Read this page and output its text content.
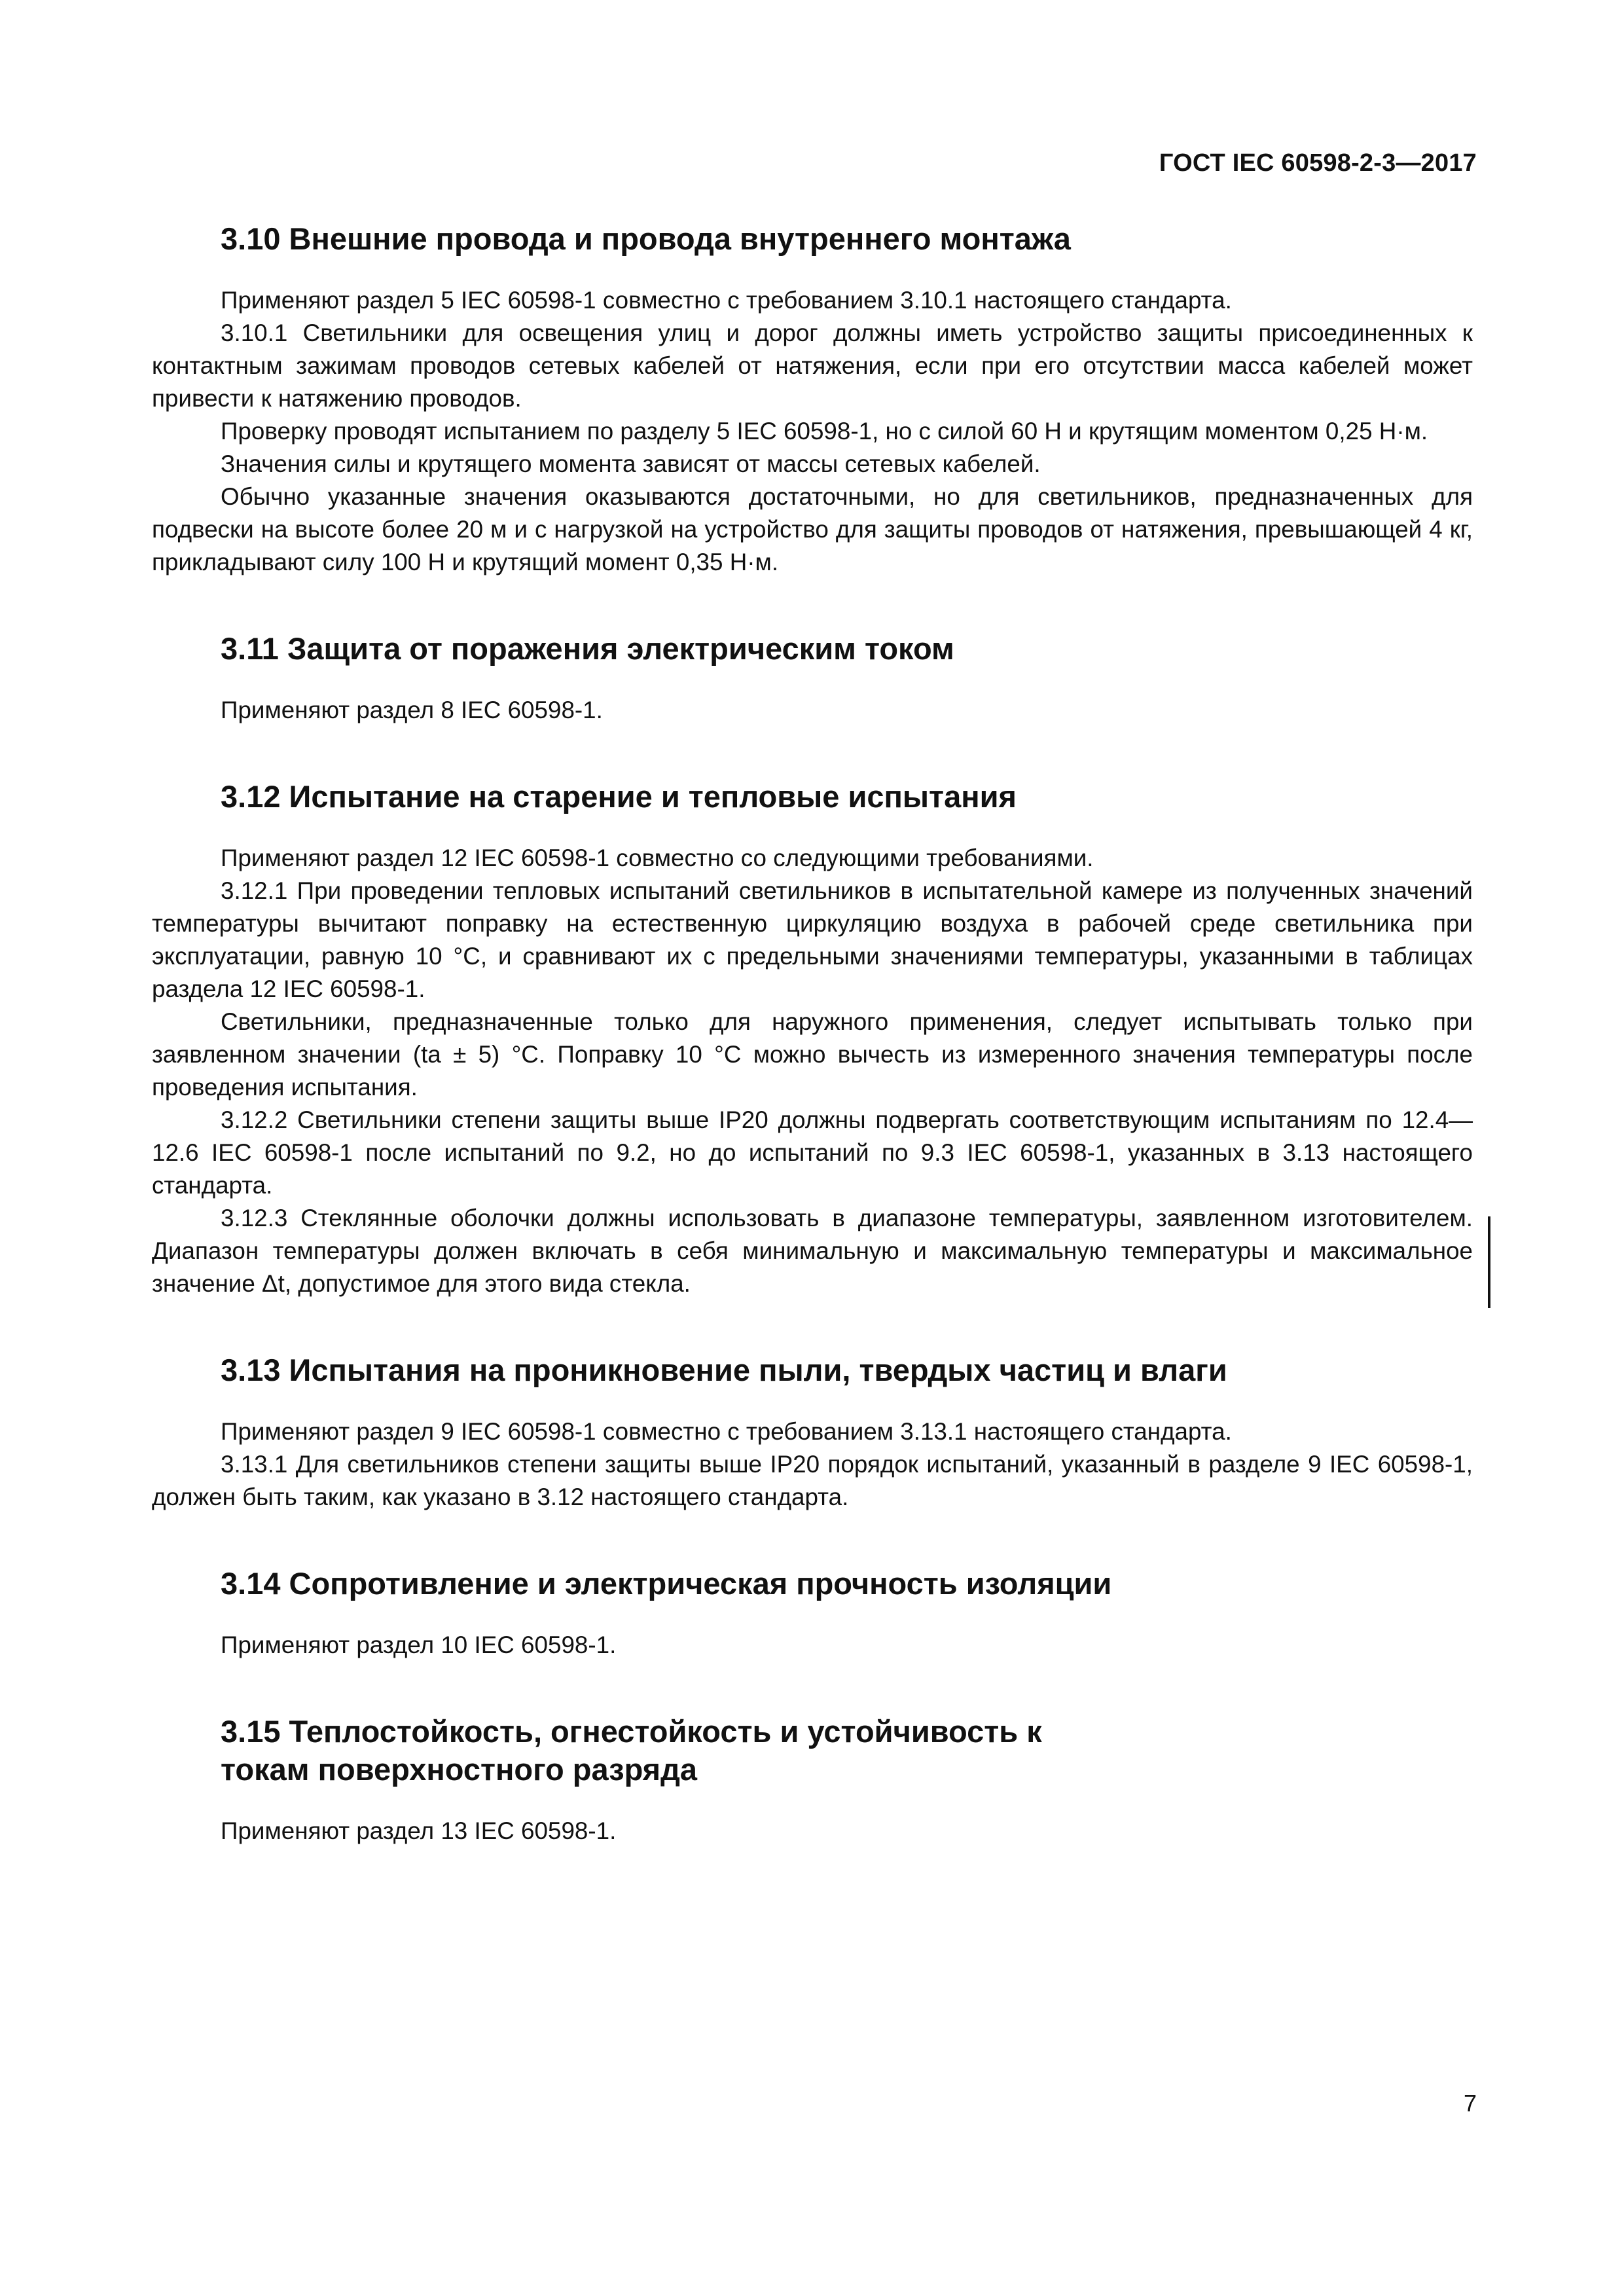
ГОСТ IEC 60598-2-3—2017
3.10 Внешние провода и провода внутреннего монтажа

Применяют раздел 5 IEC 60598-1 совместно с требованием 3.10.1 настоящего стандарта.

3.10.1 Светильники для освещения улиц и дорог должны иметь устройство защиты присоединенных к контактным зажимам проводов сетевых кабелей от натяжения, если при его отсутствии масса кабелей может привести к натяжению проводов.

Проверку проводят испытанием по разделу 5 IEC 60598-1, но с силой 60 Н и крутящим моментом 0,25 Н·м.

Значения силы и крутящего момента зависят от массы сетевых кабелей.

Обычно указанные значения оказываются достаточными, но для светильников, предназначенных для подвески на высоте более 20 м и с нагрузкой на устройство для защиты проводов от натяжения, превышающей 4 кг, прикладывают силу 100 Н и крутящий момент 0,35 Н·м.

3.11 Защита от поражения электрическим током

Применяют раздел 8 IEC 60598-1.

3.12 Испытание на старение и тепловые испытания

Применяют раздел 12 IEC 60598-1 совместно со следующими требованиями.

3.12.1 При проведении тепловых испытаний светильников в испытательной камере из полученных значений температуры вычитают поправку на естественную циркуляцию воздуха в рабочей среде светильника при эксплуатации, равную 10 °С, и сравнивают их с предельными значениями температуры, указанными в таблицах раздела 12 IEC 60598-1.

Светильники, предназначенные только для наружного применения, следует испытывать только при заявленном значении (ta ± 5) °С. Поправку 10 °С можно вычесть из измеренного значения температуры после проведения испытания.

3.12.2 Светильники степени защиты выше IP20 должны подвергать соответствующим испытаниям по 12.4—12.6 IEC 60598-1 после испытаний по 9.2, но до испытаний по 9.3 IEC 60598-1, указанных в 3.13 настоящего стандарта.

3.12.3 Стеклянные оболочки должны использовать в диапазоне температуры, заявленном изготовителем. Диапазон температуры должен включать в себя минимальную и максимальную температуры и максимальное значение Δt, допустимое для этого вида стекла.

3.13 Испытания на проникновение пыли, твердых частиц и влаги

Применяют раздел 9 IEC 60598-1 совместно с требованием 3.13.1 настоящего стандарта.

3.13.1 Для светильников степени защиты выше IP20 порядок испытаний, указанный в разделе 9 IEC 60598-1, должен быть таким, как указано в 3.12 настоящего стандарта.

3.14 Сопротивление и электрическая прочность изоляции

Применяют раздел 10 IEC 60598-1.

3.15 Теплостойкость, огнестойкость и устойчивость к токам поверхностного разряда

Применяют раздел 13 IEC 60598-1.

7
